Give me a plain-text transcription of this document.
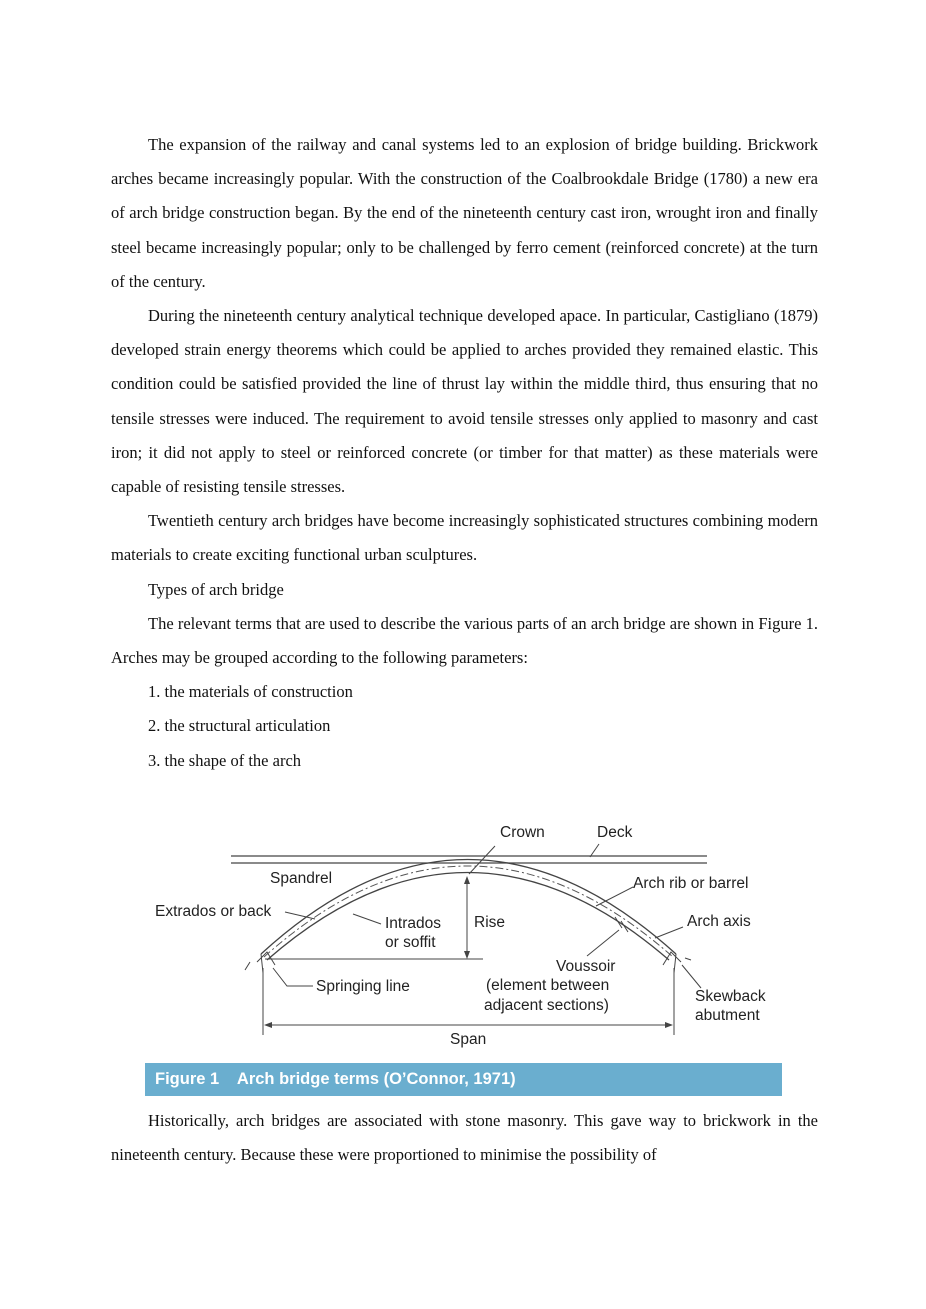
The expansion of the railway and canal systems led to an explosion of bridge building. Brickwork arches became increasingly popular. With the construction of the Coalbrookdale Bridge (1780) a new era of arch bridge construction began. By the end of the nineteenth century cast iron, wrought iron and finally steel became increasingly popular; only to be challenged by ferro cement (reinforced concrete) at the turn of the century.

During the nineteenth century analytical technique developed apace. In particular, Castigliano (1879) developed strain energy theorems which could be applied to arches provided they remained elastic. This condition could be satisfied provided the line of thrust lay within the middle third, thus ensuring that no tensile stresses were induced. The requirement to avoid tensile stresses only applied to masonry and cast iron; it did not apply to steel or reinforced concrete (or timber for that matter) as these materials were capable of resisting tensile stresses.

Twentieth century arch bridges have become increasingly sophisticated structures combining modern materials to create exciting functional urban sculptures.

Types of arch bridge

The relevant terms that are used to describe the various parts of an arch bridge are shown in Figure 1. Arches may be grouped according to the following parameters:

1. the materials of construction

2. the structural articulation

3. the shape of the arch

Crown	Deck
Spandrel	Arch rib or barrel
Extrados or back
Intrados
or soffit
Rise	Arch axis
Voussoir
(element between
adjacent sections)
Springing line
Skewback
abutment
Span
Figure 1    Arch bridge terms (O’Connor, 1971)

Historically, arch bridges are associated with stone masonry. This gave way to brickwork in the nineteenth century. Because these were proportioned to minimise the possibility of
